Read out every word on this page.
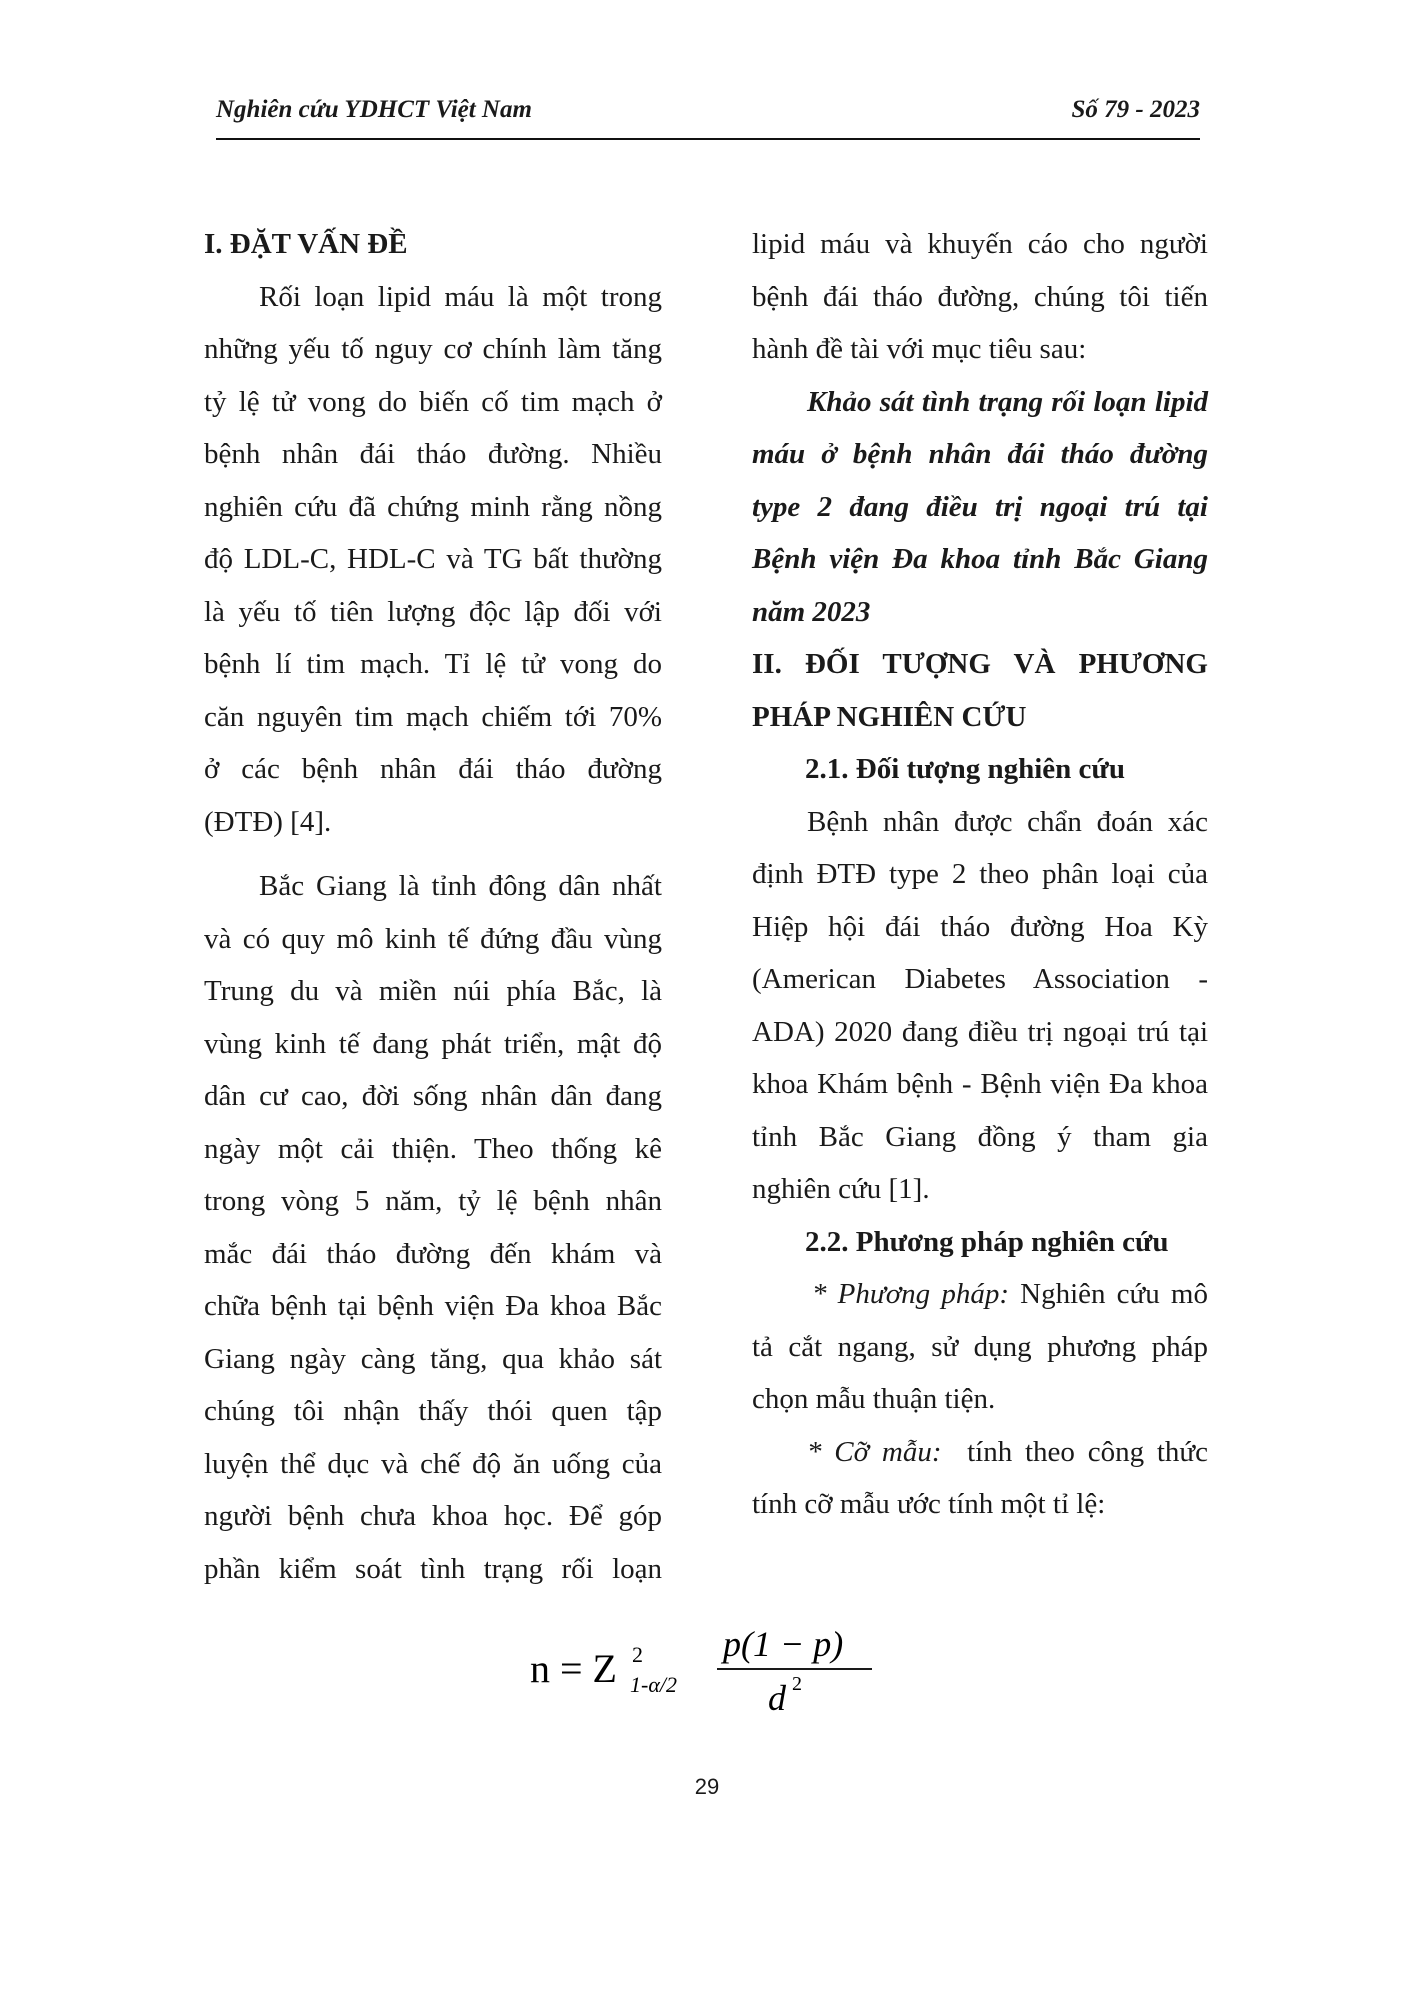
Nghiên cứu YDHCT Việt Nam	Số 79 - 2023
I. ĐẶT VẤN ĐỀ

Rối loạn lipid máu là một trong

những yếu tố nguy cơ chính làm tăng

tỷ lệ tử vong do biến cố tim mạch ở

bệnh nhân đái tháo đường. Nhiều

nghiên cứu đã chứng minh rằng nồng

độ LDL-C, HDL-C và TG bất thường

là yếu tố tiên lượng độc lập đối với

bệnh lí tim mạch. Tỉ lệ tử vong do

căn nguyên tim mạch chiếm tới 70%

ở các bệnh nhân đái tháo đường

(ĐTĐ) [4].

Bắc Giang là tỉnh đông dân nhất

và có quy mô kinh tế đứng đầu vùng

Trung du và miền núi phía Bắc, là

vùng kinh tế đang phát triển, mật độ

dân cư cao, đời sống nhân dân đang

ngày một cải thiện. Theo thống kê

trong vòng 5 năm, tỷ lệ bệnh nhân

mắc đái tháo đường đến khám và

chữa bệnh tại bệnh viện Đa khoa Bắc

Giang ngày càng tăng, qua khảo sát

chúng tôi nhận thấy thói quen tập

luyện thể dục và chế độ ăn uống của

người bệnh chưa khoa học. Để góp

phần kiểm soát tình trạng rối loạn

lipid máu và khuyến cáo cho người

bệnh đái tháo đường, chúng tôi tiến

hành đề tài với mục tiêu sau:

Khảo sát tình trạng rối loạn lipid

máu ở bệnh nhân đái tháo đường

type 2 đang điều trị ngoại trú tại

Bệnh viện Đa khoa tỉnh Bắc Giang

năm 2023

II. ĐỐI TƯỢNG VÀ PHƯƠNG

PHÁP NGHIÊN CỨU

2.1. Đối tượng nghiên cứu

Bệnh nhân được chẩn đoán xác

định ĐTĐ type 2 theo phân loại của

Hiệp hội đái tháo đường Hoa Kỳ

(American Diabetes Association -

ADA) 2020 đang điều trị ngoại trú tại

khoa Khám bệnh - Bệnh viện Đa khoa

tỉnh Bắc Giang đồng ý tham gia

nghiên cứu [1].

2.2. Phương pháp nghiên cứu

* Phương pháp: Nghiên cứu mô

tả cắt ngang, sử dụng phương pháp

chọn mẫu thuận tiện.

* Cỡ mẫu: tính theo công thức

tính cỡ mẫu ước tính một tỉ lệ:

n = Z 2
1-α/2
p(1 − p)
d 2
29
